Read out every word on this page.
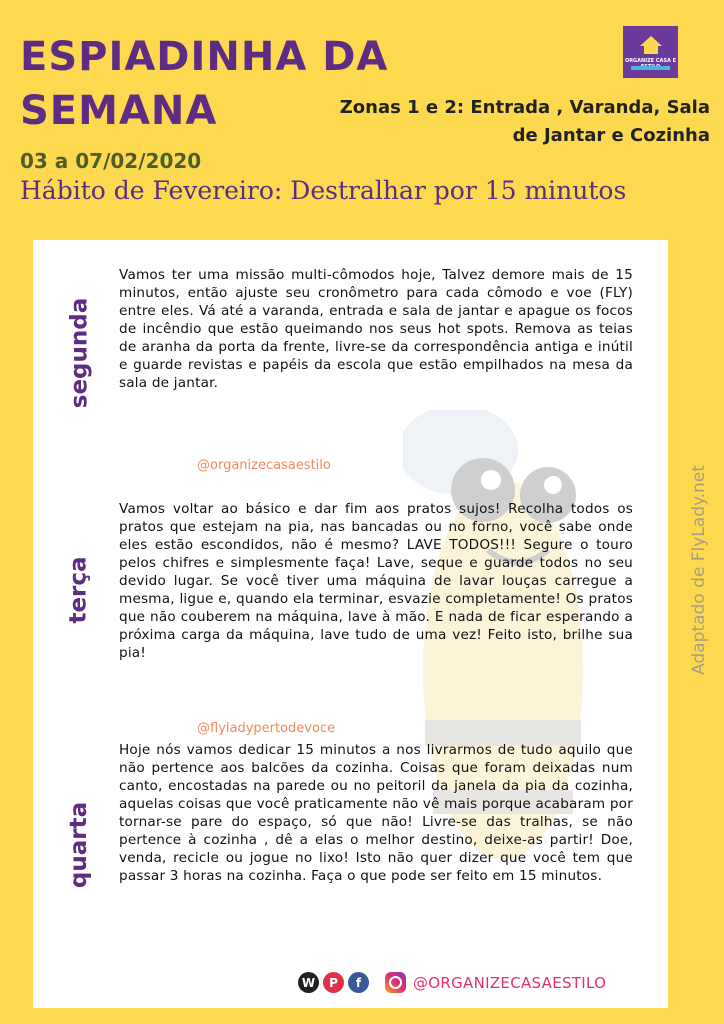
ESPIADINHA DA
SEMANA
ORGANIZE CASA E
Zonas 1 e 2: Entrada , Varanda, Sala
de Jantar e Cozinha
03 a 07/02/2020
Hábito de Fevereiro: Destralhar por 15 minutos
segunda
Vamos ter uma missão multi-cômodos hoje, Talvez demore mais de 15 minutos, então ajuste seu cronômetro para cada cômodo e voe (FLY) entre eles. Vá até a varanda, entrada e sala de jantar e apague os focos de incêndio que estão queimando nos seus hot spots. Remova as teias de aranha da porta da frente, livre-se da correspondência antiga e inútil e guarde revistas e papéis da escola que estão empilhados na mesa da sala de jantar.
@organizecasaestilo
terça
Vamos voltar ao básico e dar fim aos pratos sujos! Recolha todos os pratos que estejam na pia, nas bancadas ou no forno, você sabe onde eles estão escondidos, não é mesmo? LAVE TODOS!!! Segure o touro pelos chifres e simplesmente faça! Lave, seque e guarde todos no seu devido lugar. Se você tiver uma máquina de lavar louças carregue a mesma, ligue e, quando ela terminar, esvazie completamente! Os pratos que não couberem na máquina, lave à mão. E nada de ficar esperando a próxima carga da máquina, lave tudo de uma vez! Feito isto, brilhe sua pia!
@flyladypertodevoce
quarta
Hoje nós vamos dedicar 15 minutos a nos livrarmos de tudo aquilo que não pertence aos balcões da cozinha. Coisas que foram deixadas num canto, encostadas na parede ou no peitoril da janela da pia da cozinha, aquelas coisas que você praticamente não vê mais porque acabaram por tornar-se pare do espaço, só que não! Livre-se das tralhas, se não pertence à cozinha , dê a elas o melhor destino, deixe-as partir! Doe, venda, recicle ou jogue no lixo! Isto não quer dizer que você tem que passar 3 horas na cozinha. Faça o que pode ser feito em 15 minutos.
W	P	f	@ORGANIZECASAESTILO
Adaptado de FlyLady.net
